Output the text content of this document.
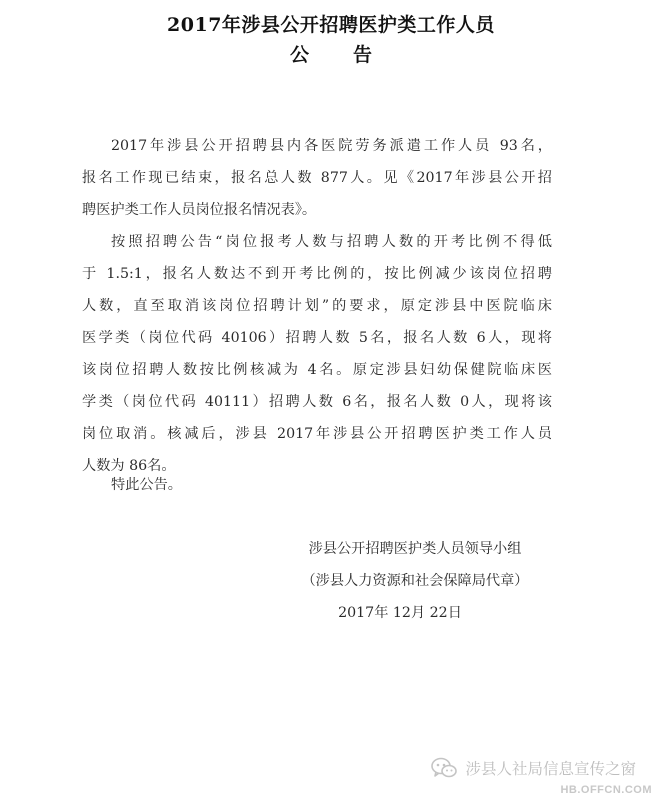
2017年涉县公开招聘医护类工作人员
公告
2017年涉县公开招聘县内各医院劳务派遣工作人员 93名，
报名工作现已结束，报名总人数 877人。见《2017年涉县公开招
聘医护类工作人员岗位报名情况表》。
按照招聘公告“岗位报考人数与招聘人数的开考比例不得低
于 1.5:1，报名人数达不到开考比例的，按比例减少该岗位招聘
人数，直至取消该岗位招聘计划”的要求，原定涉县中医院临床
医学类（岗位代码 40106）招聘人数 5名，报名人数 6人，现将
该岗位招聘人数按比例核减为 4名。原定涉县妇幼保健院临床医
学类（岗位代码 40111）招聘人数 6名，报名人数 0人，现将该
岗位取消。核减后，涉县 2017年涉县公开招聘医护类工作人员
人数为 86名。
特此公告。
涉县公开招聘医护类人员领导小组
（涉县人力资源和社会保障局代章）
2017年 12月 22日
涉县人社局信息宣传之窗
HB.OFFCN.COM
